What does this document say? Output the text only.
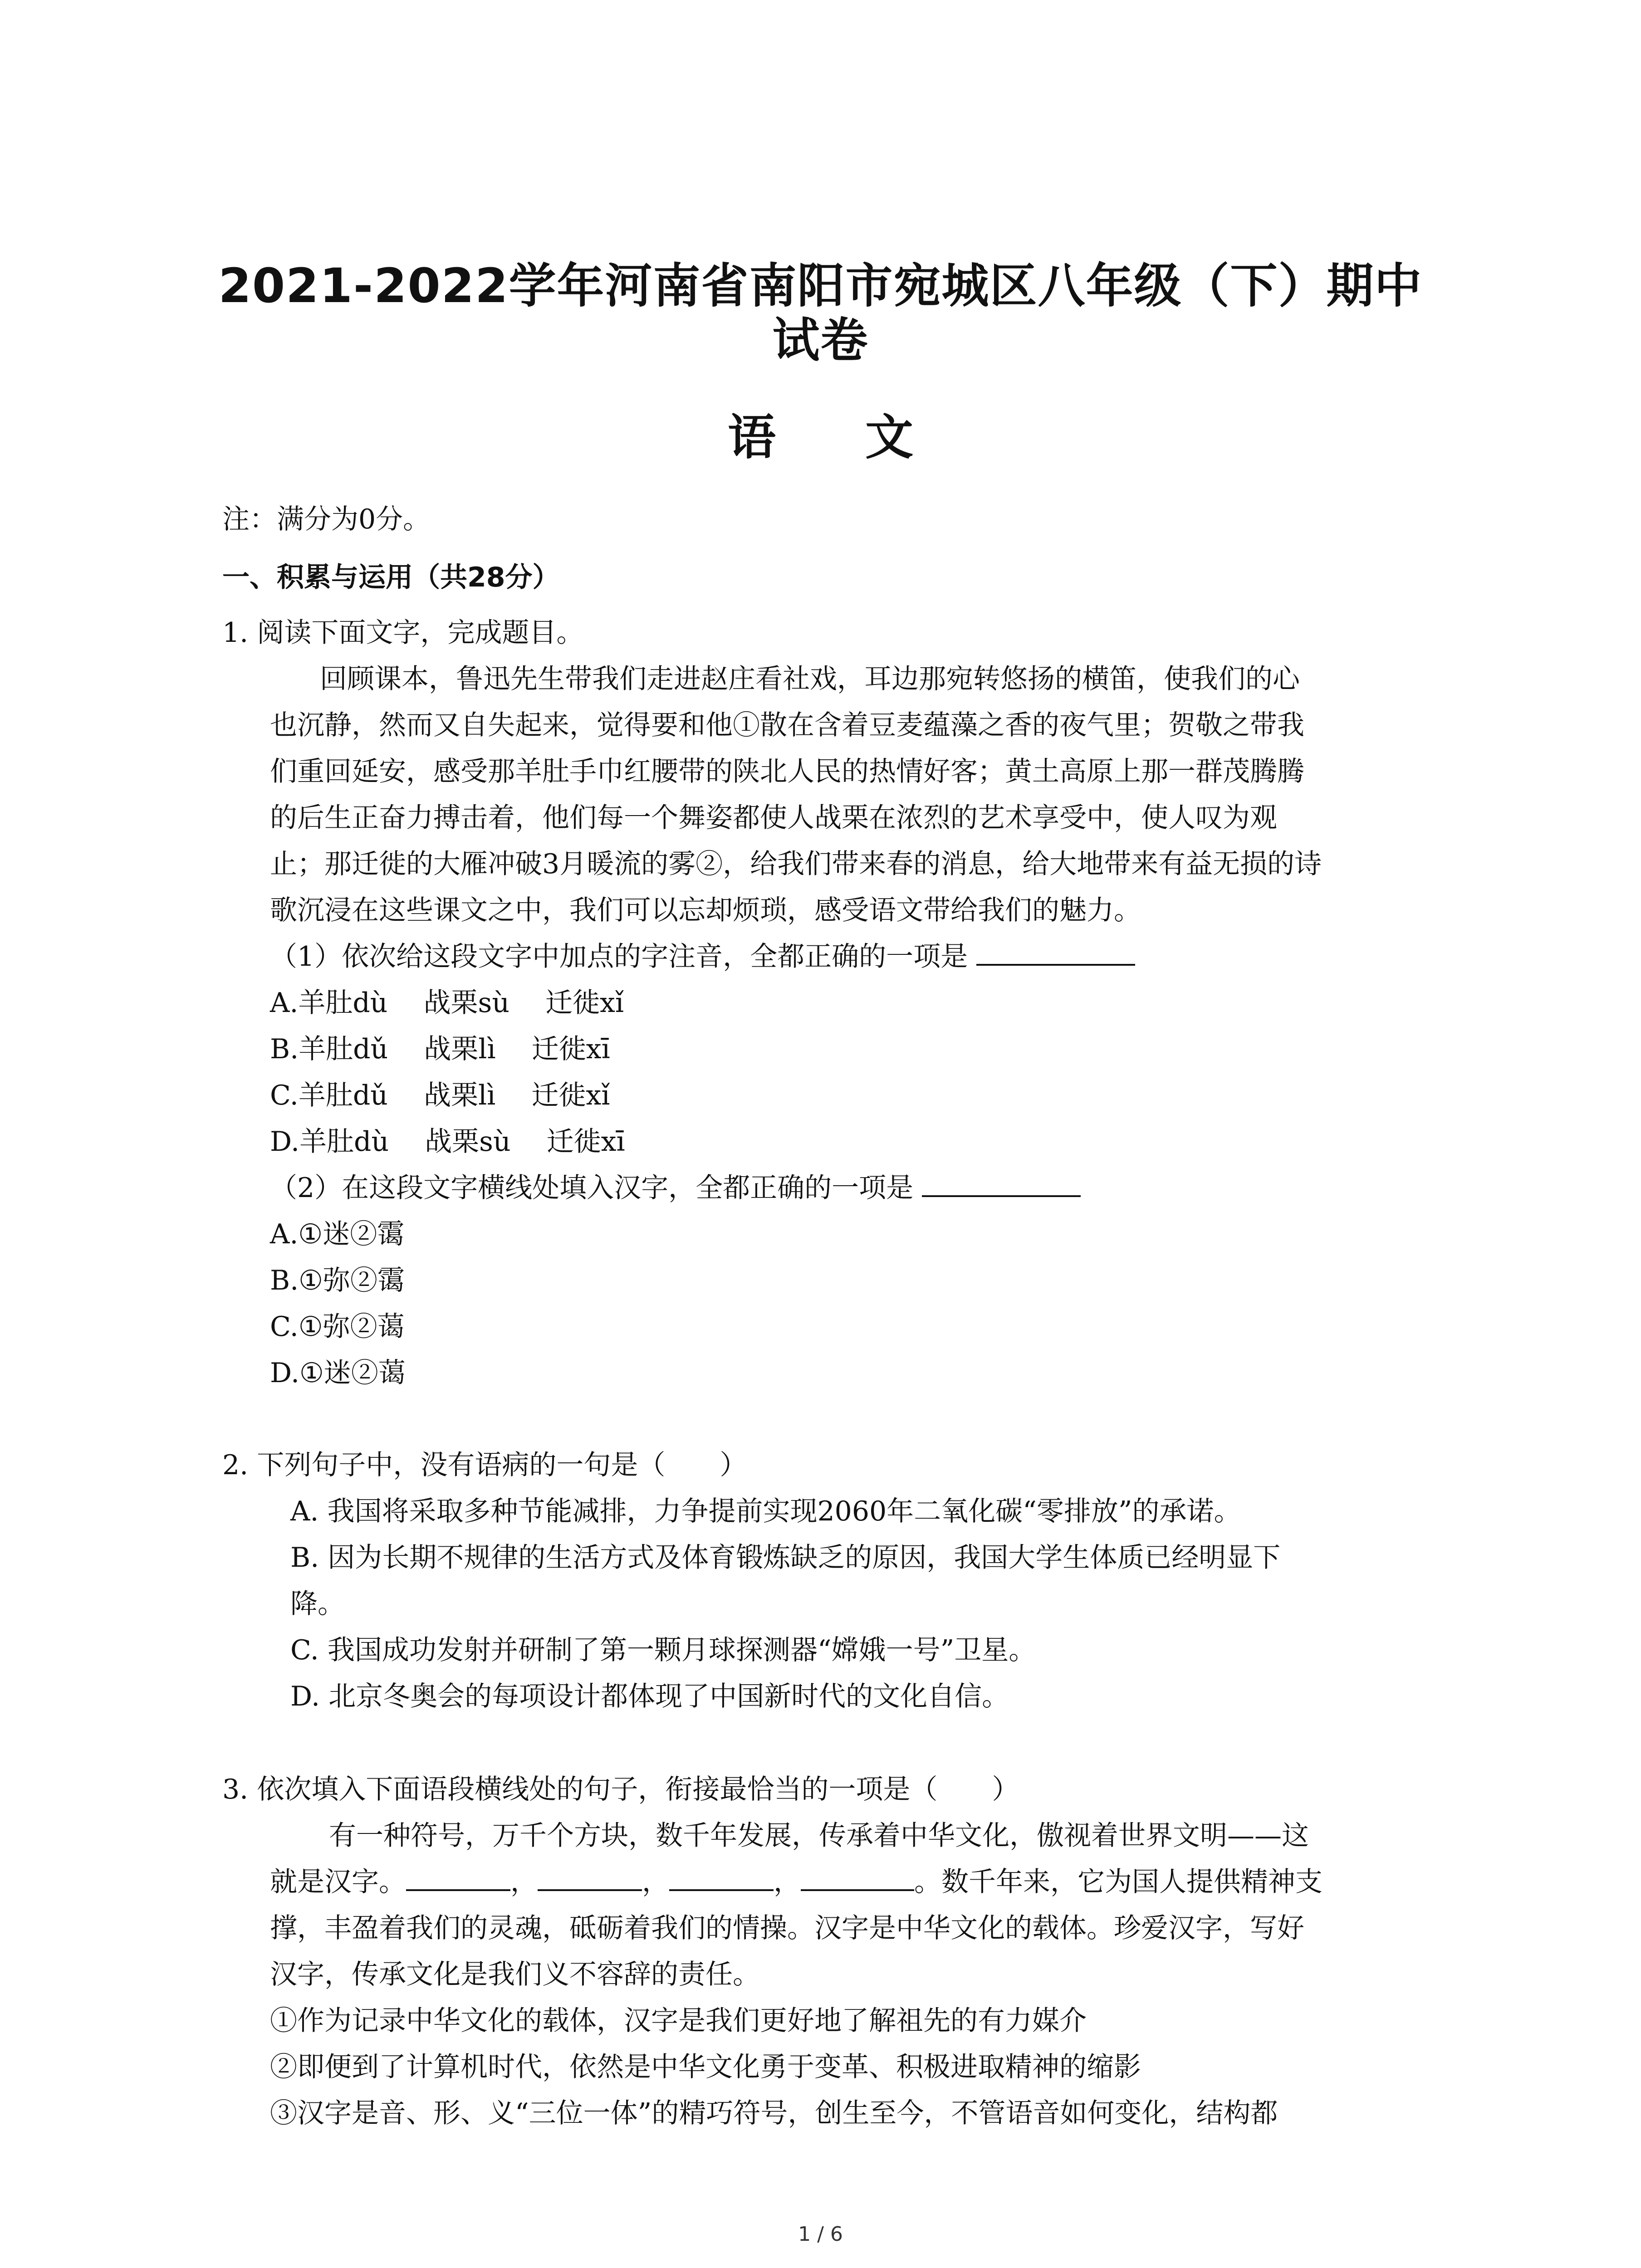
2021-2022学年河南省南阳市宛城区八年级（下）期中
试卷
语 文
注：满分为0分。
一、积累与运用（共28分）
1. 阅读下面文字，完成题目。
回顾课本，鲁迅先生带我们走进赵庄看社戏，耳边那宛转悠扬的横笛，使我们的心
也沉静，然而又自失起来，觉得要和他①散在含着豆麦蕴藻之香的夜气里；贺敬之带我
们重回延安，感受那羊肚手巾红腰带的陕北人民的热情好客；黄土高原上那一群茂腾腾
的后生正奋力搏击着，他们每一个舞姿都使人战栗在浓烈的艺术享受中，使人叹为观
止；那迁徙的大雁冲破3月暖流的雾②，给我们带来春的消息，给大地带来有益无损的诗
歌沉浸在这些课文之中，我们可以忘却烦琐，感受语文带给我们的魅力。
（1）依次给这段文字中加点的字注音，全都正确的一项是
A.羊肚dù　 战栗sù　 迁徙xǐ
B.羊肚dǔ　 战栗lì　 迁徙xī
C.羊肚dǔ　 战栗lì　 迁徙xǐ
D.羊肚dù　 战栗sù　 迁徙xī
（2）在这段文字横线处填入汉字，全都正确的一项是
A.①迷②霭
B.①弥②霭
C.①弥②蔼
D.①迷②蔼
2. 下列句子中，没有语病的一句是（　　）
A. 我国将采取多种节能减排，力争提前实现2060年二氧化碳“零排放”的承诺。
B. 因为长期不规律的生活方式及体育锻炼缺乏的原因，我国大学生体质已经明显下
降。
C. 我国成功发射并研制了第一颗月球探测器“嫦娥一号”卫星。
D. 北京冬奥会的每项设计都体现了中国新时代的文化自信。
3. 依次填入下面语段横线处的句子，衔接最恰当的一项是（　　）
有一种符号，万千个方块，数千年发展，传承着中华文化，傲视着世界文明——这
就是汉字。	，	，	，	。数千年来，它为国人提供精神支
撑，丰盈着我们的灵魂，砥砺着我们的情操。汉字是中华文化的载体。珍爱汉字，写好
汉字，传承文化是我们义不容辞的责任。
①作为记录中华文化的载体，汉字是我们更好地了解祖先的有力媒介
②即便到了计算机时代，依然是中华文化勇于变革、积极进取精神的缩影
③汉字是音、形、义“三位一体”的精巧符号，创生至今，不管语音如何变化，结构都
1 / 6
